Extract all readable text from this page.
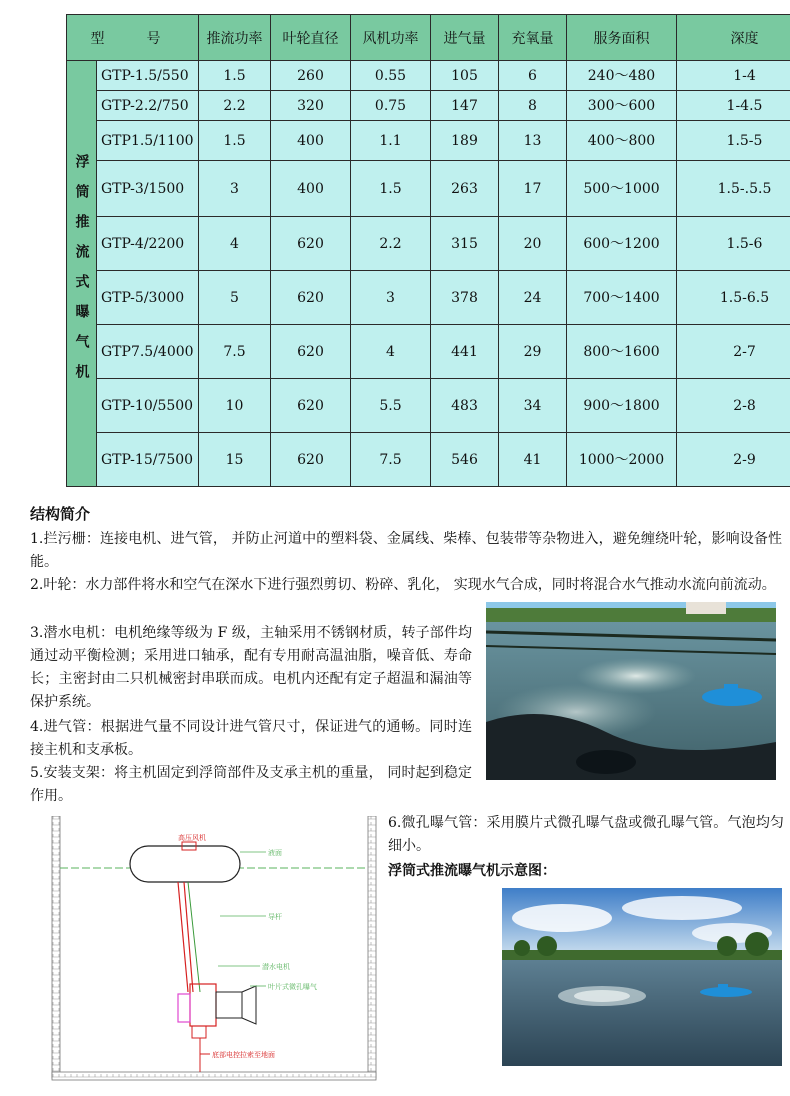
型　号		推流功率	叶轮直径	风机功率	进气量	充氧量	服务面积	深度
浮筒推流式曝气机	GTP-1.5/550	1.5	260	0.55	105	6	240～480	1-4
	GTP-2.2/750	2.2	320	0.75	147	8	300～600	1-4.5
	GTP1.5/1100	1.5	400	1.1	189	13	400～800	1.5-5
	GTP-3/1500	3	400	1.5	263	17	500～1000	1.5-.5.5
	GTP-4/2200	4	620	2.2	315	20	600～1200	1.5-6
	GTP-5/3000	5	620	3	378	24	700～1400	1.5-6.5
	GTP7.5/4000	7.5	620	4	441	29	800～1600	2-7
	GTP-10/5500	10	620	5.5	483	34	900～1800	2-8
	GTP-15/7500	15	620	7.5	546	41	1000～2000	2-9
结构简介

1.拦污栅：连接电机、进气管， 并防止河道中的塑料袋、金属线、柴棒、包装带等杂物进入，避免缠绕叶轮，影响设备性能。

2.叶轮：水力部件将水和空气在深水下进行强烈剪切、粉碎、乳化， 实现水气合成，同时将混合水气推动水流向前流动。

3.潜水电机：电机绝缘等级为 F 级，主轴采用不锈钢材质，转子部件均通过动平衡检测；采用进口轴承，配有专用耐高温油脂，噪音低、寿命长；主密封由二只机械密封串联而成。电机内还配有定子超温和漏油等保护系统。

4.进气管：根据进气量不同设计进气管尺寸，保证进气的通畅。同时连接主机和支承板。

5.安装支架：将主机固定到浮筒部件及支承主机的重量， 同时起到稳定作用。

6.微孔曝气管：采用膜片式微孔曝气盘或微孔曝气管。气泡均匀细小。

浮筒式推流曝气机示意图：
高压风机
液面
导杆
潜水电机
叶片式微孔曝气
底部电控拉索至地面
